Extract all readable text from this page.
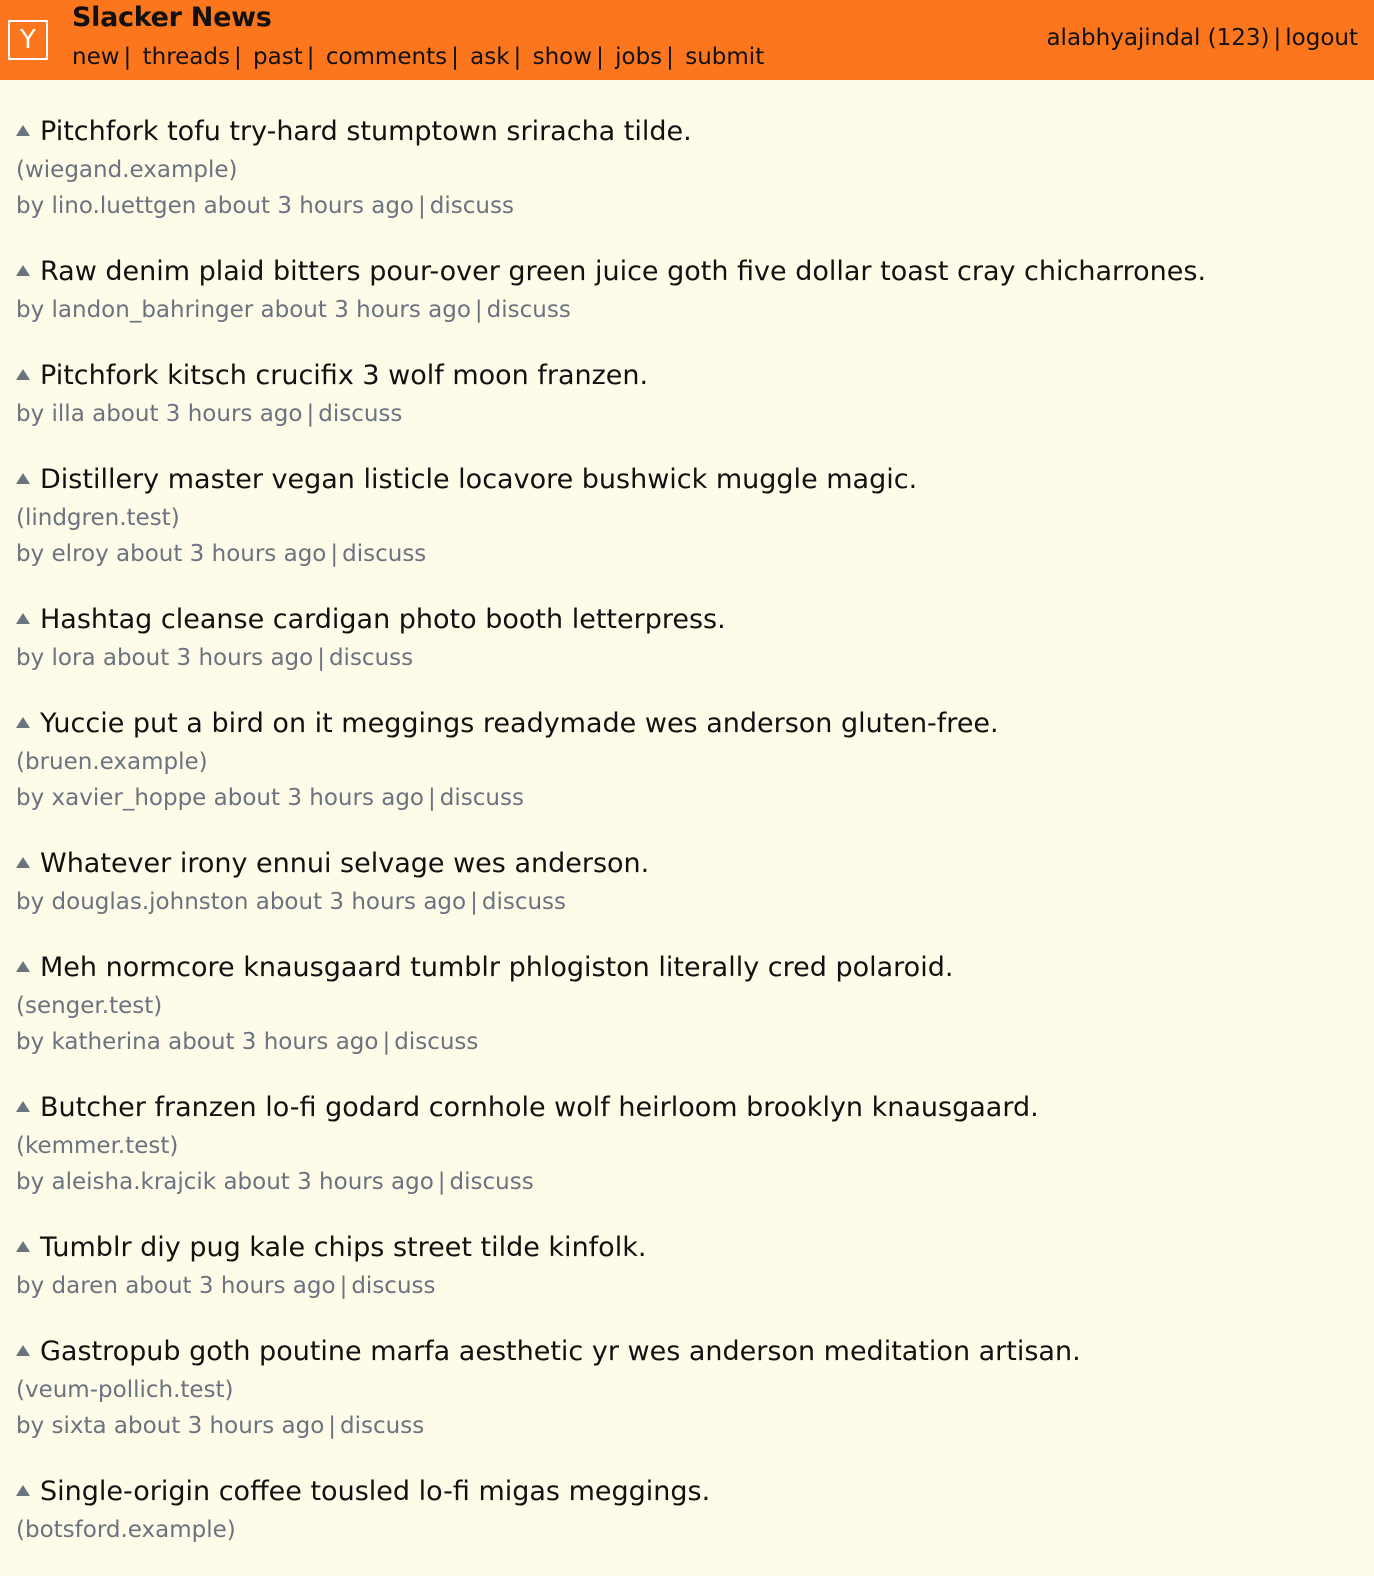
Y
Slacker News
new | threads | past | comments | ask | show | jobs | submit
alabhyajindal (123) | logout
Pitchfork tofu try-hard stumptown sriracha tilde.
(wiegand.example)
by lino.luettgen about 3 hours ago | discuss
Raw denim plaid bitters pour-over green juice goth five dollar toast cray chicharrones.
by landon_bahringer about 3 hours ago | discuss
Pitchfork kitsch crucifix 3 wolf moon franzen.
by illa about 3 hours ago | discuss
Distillery master vegan listicle locavore bushwick muggle magic.
(lindgren.test)
by elroy about 3 hours ago | discuss
Hashtag cleanse cardigan photo booth letterpress.
by lora about 3 hours ago | discuss
Yuccie put a bird on it meggings readymade wes anderson gluten-free.
(bruen.example)
by xavier_hoppe about 3 hours ago | discuss
Whatever irony ennui selvage wes anderson.
by douglas.johnston about 3 hours ago | discuss
Meh normcore knausgaard tumblr phlogiston literally cred polaroid.
(senger.test)
by katherina about 3 hours ago | discuss
Butcher franzen lo-fi godard cornhole wolf heirloom brooklyn knausgaard.
(kemmer.test)
by aleisha.krajcik about 3 hours ago | discuss
Tumblr diy pug kale chips street tilde kinfolk.
by daren about 3 hours ago | discuss
Gastropub goth poutine marfa aesthetic yr wes anderson meditation artisan.
(veum-pollich.test)
by sixta about 3 hours ago | discuss
Single-origin coffee tousled lo-fi migas meggings.
(botsford.example)
